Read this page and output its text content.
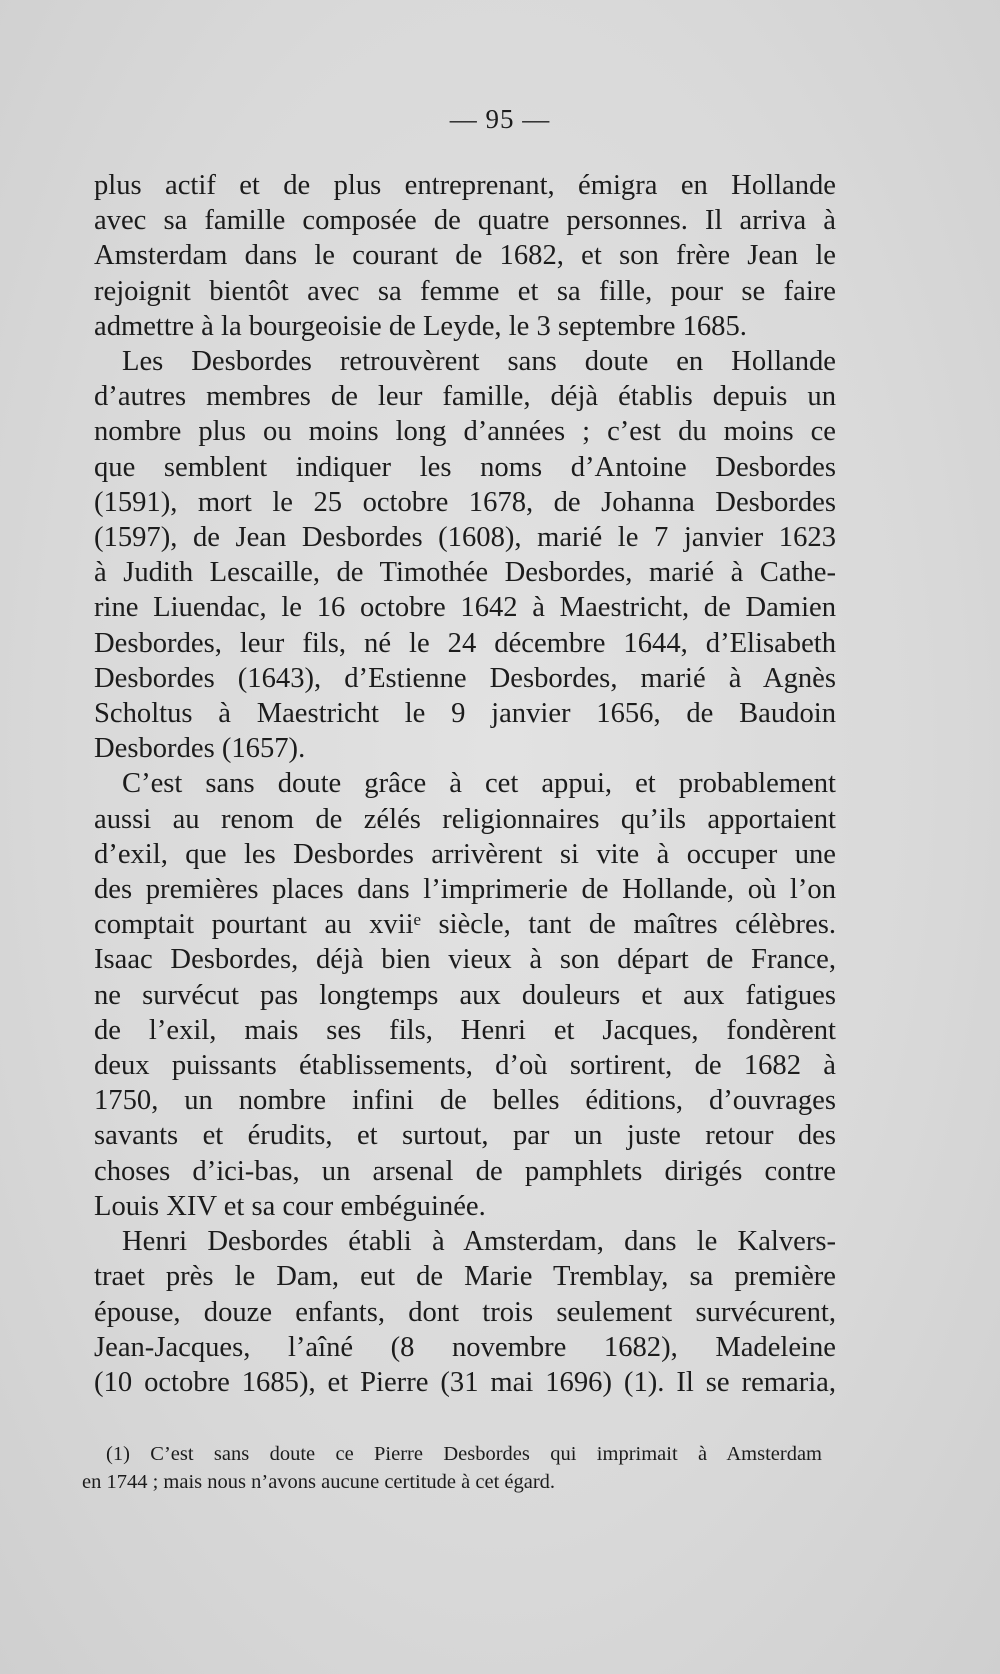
— 95 —
plus actif et de plus entreprenant, émigra en Hollande
avec sa famille composée de quatre personnes. Il arriva à
Amsterdam dans le courant de 1682, et son frère Jean le
rejoignit bientôt avec sa femme et sa fille, pour se faire
admettre à la bourgeoisie de Leyde, le 3 septembre 1685.
Les Desbordes retrouvèrent sans doute en Hollande
d’autres membres de leur famille, déjà établis depuis un
nombre plus ou moins long d’années ; c’est du moins ce
que semblent indiquer les noms d’Antoine Desbordes
(1591), mort le 25 octobre 1678, de Johanna Desbordes
(1597), de Jean Desbordes (1608), marié le 7 janvier 1623
à Judith Lescaille, de Timothée Desbordes, marié à Cathe-
rine Liuendac, le 16 octobre 1642 à Maestricht, de Damien
Desbordes, leur fils, né le 24 décembre 1644, d’Elisabeth
Desbordes (1643), d’Estienne Desbordes, marié à Agnès
Scholtus à Maestricht le 9 janvier 1656, de Baudoin
Desbordes (1657).
C’est sans doute grâce à cet appui, et probablement
aussi au renom de zélés religionnaires qu’ils apportaient
d’exil, que les Desbordes arrivèrent si vite à occuper une
des premières places dans l’imprimerie de Hollande, où l’on
comptait pourtant au xviiᵉ siècle, tant de maîtres célèbres.
Isaac Desbordes, déjà bien vieux à son départ de France,
ne survécut pas longtemps aux douleurs et aux fatigues
de l’exil, mais ses fils, Henri et Jacques, fondèrent
deux puissants établissements, d’où sortirent, de 1682 à
1750, un nombre infini de belles éditions, d’ouvrages
savants et érudits, et surtout, par un juste retour des
choses d’ici-bas, un arsenal de pamphlets dirigés contre
Louis XIV et sa cour embéguinée.
Henri Desbordes établi à Amsterdam, dans le Kalvers-
traet près le Dam, eut de Marie Tremblay, sa première
épouse, douze enfants, dont trois seulement survécurent,
Jean-Jacques, l’aîné (8 novembre 1682), Madeleine
(10 octobre 1685), et Pierre (31 mai 1696) (1). Il se remaria,
(1) C’est sans doute ce Pierre Desbordes qui imprimait à Amsterdam
en 1744 ; mais nous n’avons aucune certitude à cet égard.
